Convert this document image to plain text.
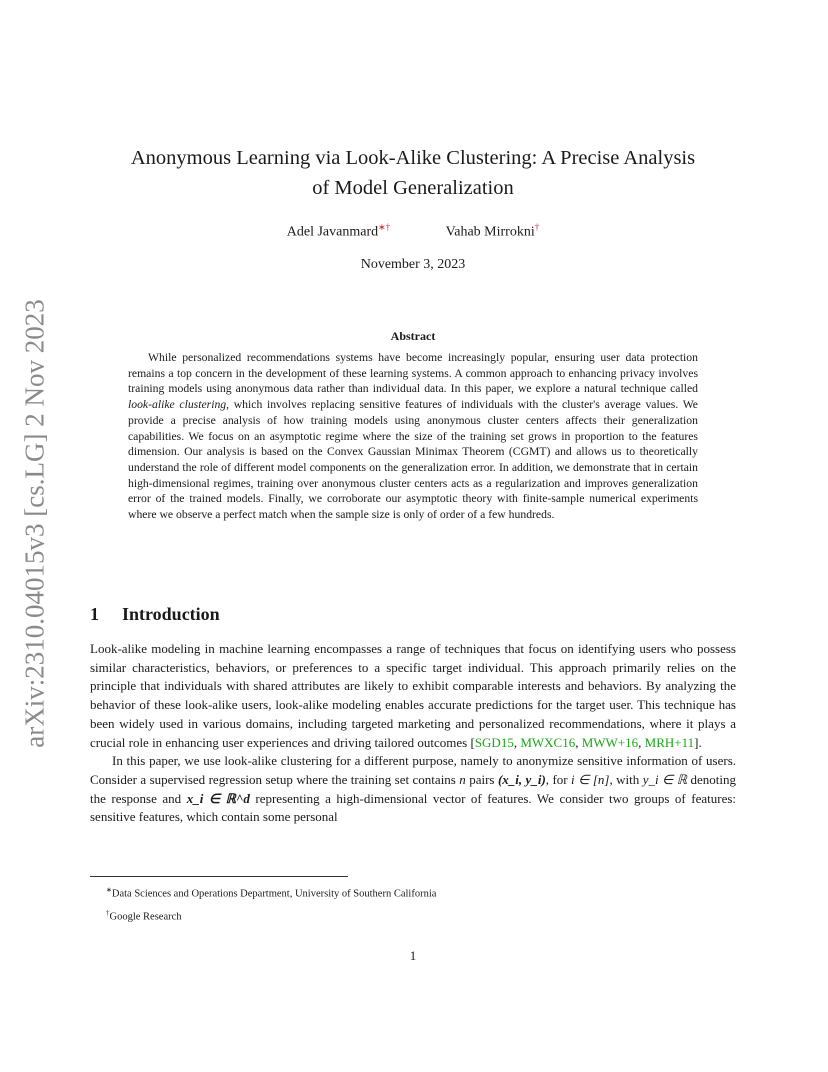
arXiv:2310.04015v3 [cs.LG] 2 Nov 2023
Anonymous Learning via Look-Alike Clustering: A Precise Analysis
of Model Generalization
Adel Javanmard∗†	Vahab Mirrokni†
November 3, 2023
Abstract
While personalized recommendations systems have become increasingly popular, ensuring user data protection remains a top concern in the development of these learning systems. A common approach to enhancing privacy involves training models using anonymous data rather than individual data. In this paper, we explore a natural technique called look-alike clustering, which involves replacing sensitive features of individuals with the cluster's average values. We provide a precise analysis of how training models using anonymous cluster centers affects their generalization capabilities. We focus on an asymptotic regime where the size of the training set grows in proportion to the features dimension. Our analysis is based on the Convex Gaussian Minimax Theorem (CGMT) and allows us to theoretically understand the role of different model components on the generalization error. In addition, we demonstrate that in certain high-dimensional regimes, training over anonymous cluster centers acts as a regularization and improves generalization error of the trained models. Finally, we corroborate our asymptotic theory with finite-sample numerical experiments where we observe a perfect match when the sample size is only of order of a few hundreds.
1 Introduction

Look-alike modeling in machine learning encompasses a range of techniques that focus on identifying users who possess similar characteristics, behaviors, or preferences to a specific target individual. This approach primarily relies on the principle that individuals with shared attributes are likely to exhibit comparable interests and behaviors. By analyzing the behavior of these look-alike users, look-alike modeling enables accurate predictions for the target user. This technique has been widely used in various domains, including targeted marketing and personalized recommendations, where it plays a crucial role in enhancing user experiences and driving tailored outcomes [SGD15, MWXC16, MWW+16, MRH+11].

In this paper, we use look-alike clustering for a different purpose, namely to anonymize sensitive information of users. Consider a supervised regression setup where the training set contains n pairs (x_i, y_i), for i ∈ [n], with y_i ∈ ℝ denoting the response and x_i ∈ ℝ^d representing a high-dimensional vector of features. We consider two groups of features: sensitive features, which contain some personal

∗Data Sciences and Operations Department, University of Southern California
†Google Research
1
